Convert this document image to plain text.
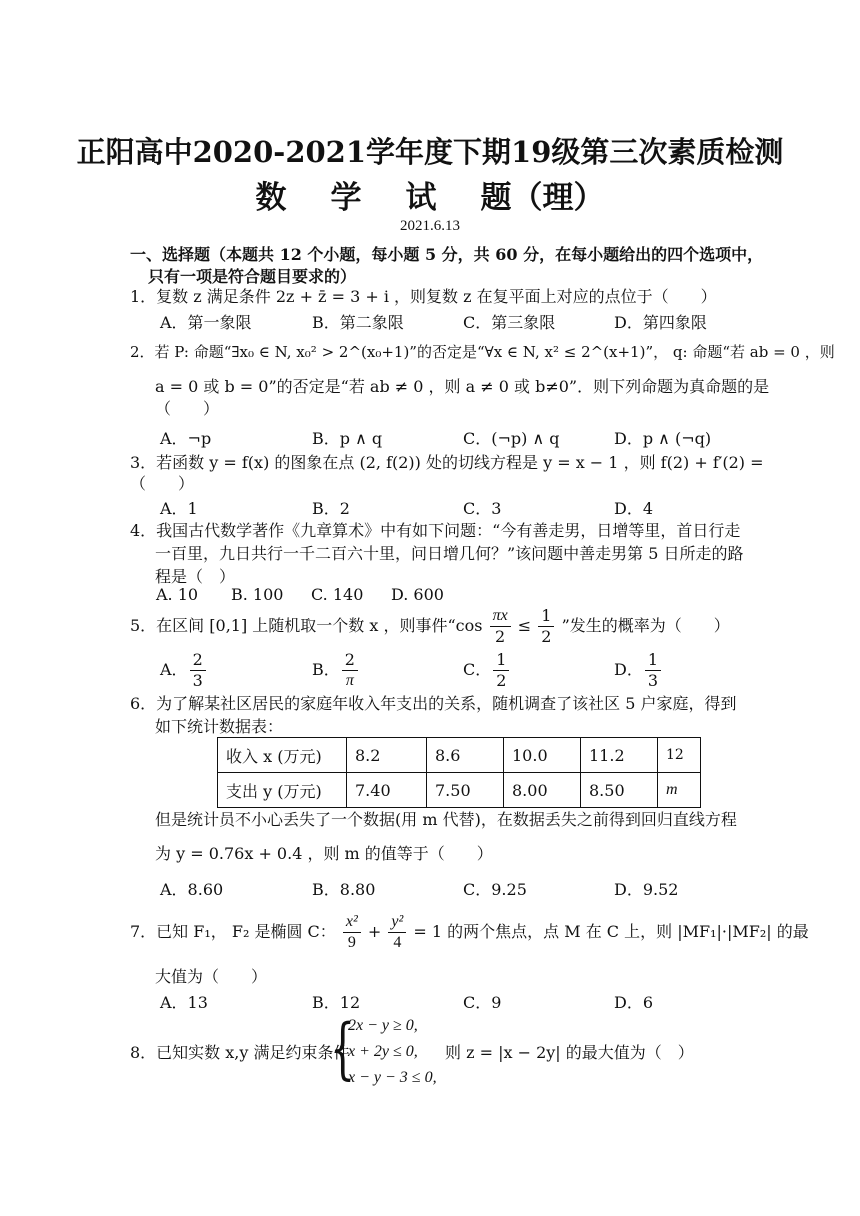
正阳高中2020-2021学年度下期19级第三次素质检测
数 学 试 题（理）
2021.6.13
一、选择题（本题共 12 个小题，每小题 5 分，共 60 分，在每小题给出的四个选项中，
只有一项是符合题目要求的）
1．复数 z 满足条件 2z + z̄ = 3 + i ，则复数 z 在复平面上对应的点位于（　　）
A．第一象限	B．第二象限	C．第三象限	D．第四象限
2．若 P: 命题“∃x₀ ∈ N, x₀² > 2^(x₀+1)”的否定是“∀x ∈ N, x² ≤ 2^(x+1)”， q: 命题“若 ab = 0 ，则
a = 0 或 b = 0”的否定是“若 ab ≠ 0 ，则 a ≠ 0 或 b≠0”．则下列命题为真命题的是
（　　）
A．¬p	B．p ∧ q	C．(¬p) ∧ q	D．p ∧ (¬q)
3．若函数 y = f(x) 的图象在点 (2, f(2)) 处的切线方程是 y = x − 1 ，则 f(2) + f′(2) =
（　　）
A．1	B．2	C．3	D．4
4．我国古代数学著作《九章算术》中有如下问题：“今有善走男，日增等里，首日行走
一百里，九日共行一千二百六十里，问日增几何？”该问题中善走男第 5 日所走的路
程是（　）
A. 10 B. 100 C. 140 D. 600
5．在区间 [0,1] 上随机取一个数 x ，则事件“$\cos \frac{\pi x}{2} \le \frac{1}{2}$ ”发生的概率为（　　）
A． $\frac{2}{3}$	B． $\frac{2}{\pi}$	C． $\frac{1}{2}$	D． $\frac{1}{3}$
6．为了解某社区居民的家庭年收入年支出的关系，随机调查了该社区 5 户家庭，得到
如下统计数据表：
收入 x (万元)	8.2	8.6	10.0	11.2	12
支出 y (万元)	7.40	7.50	8.00	8.50	m
但是统计员不小心丢失了一个数据(用 m 代替)，在数据丢失之前得到回归直线方程
为 y = 0.76x + 0.4 ，则 m 的值等于（　　）
A．8.60	B．8.80	C．9.25	D．9.52
7．已知 F₁， F₂ 是椭圆 C： $\frac{\text{x²}}{9} + \frac{\text{y²}}{4} = 1$ 的两个焦点，点 M 在 C 上，则 |MF₁|·|MF₂| 的最
大值为（　　）
A．13	B．12	C．9	D．6
8．已知实数 x,y 满足约束条件
{
2x − y ≥ 0,
x + 2y ≤ 0,
x − y − 3 ≤ 0,
则 z = |x − 2y| 的最大值为（　）
